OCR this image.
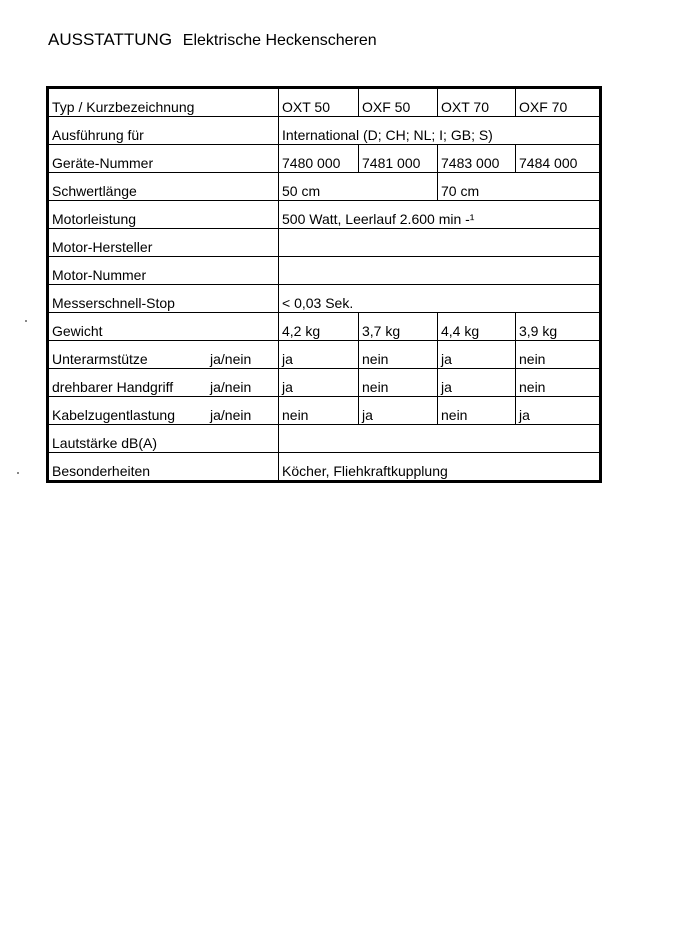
AUSSTATTUNG Elektrische Heckenscheren
Typ / Kurzbezeichnung	OXT 50	OXF 50	OXT 70	OXF 70
Ausführung für	International (D; CH; NL; I; GB; S)			
Geräte-Nummer	7480 000	7481 000	7483 000	7484 000
Schwertlänge	50 cm		70 cm	
Motorleistung	500 Watt, Leerlauf 2.600 min -¹			
Motor-Hersteller				
Motor-Nummer				
Messerschnell-Stop	< 0,03 Sek.			
Gewicht	4,2 kg	3,7 kg	4,4 kg	3,9 kg
Unterarmstütze ja/nein	ja	nein	ja	nein
drehbarer Handgriff ja/nein	ja	nein	ja	nein
Kabelzugentlastung ja/nein	nein	ja	nein	ja
Lautstärke dB(A)				
Besonderheiten	Köcher, Fliehkraftkupplung			
